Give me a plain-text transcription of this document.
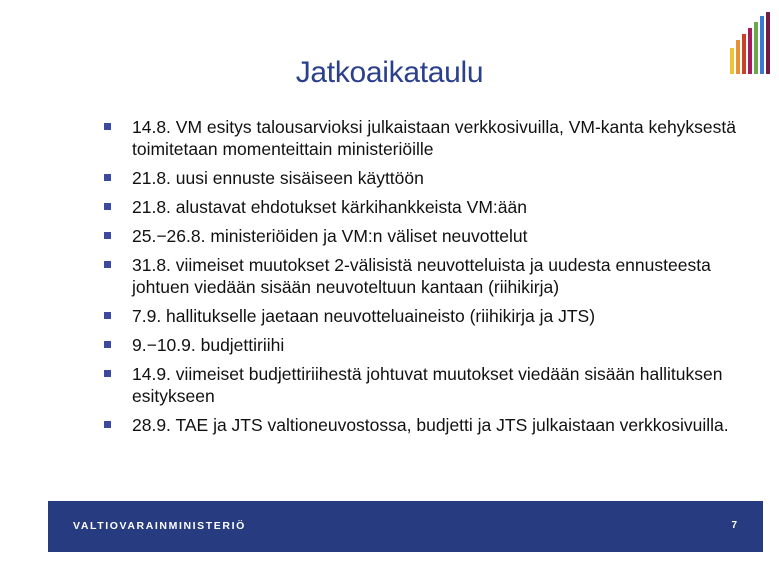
Jatkoaikataulu
14.8. VM esitys talousarvioksi julkaistaan verkkosivuilla, VM-kanta kehyksestä toimitetaan momenteittain ministeriöille
21.8. uusi ennuste sisäiseen käyttöön
21.8. alustavat ehdotukset kärkihankkeista VM:ään
25.−26.8. ministeriöiden ja VM:n väliset neuvottelut
31.8. viimeiset muutokset 2-välisistä neuvotteluista ja uudesta ennusteesta johtuen viedään sisään neuvoteltuun kantaan (riihikirja)
7.9. hallitukselle jaetaan neuvotteluaineisto (riihikirja ja JTS)
9.−10.9. budjettiriihi
14.9. viimeiset budjettiriihestä johtuvat muutokset viedään sisään hallituksen esitykseen
28.9. TAE ja JTS valtioneuvostossa, budjetti ja JTS julkaistaan verkkosivuilla.
VALTIOVARAINMINISTERIÖ	7
